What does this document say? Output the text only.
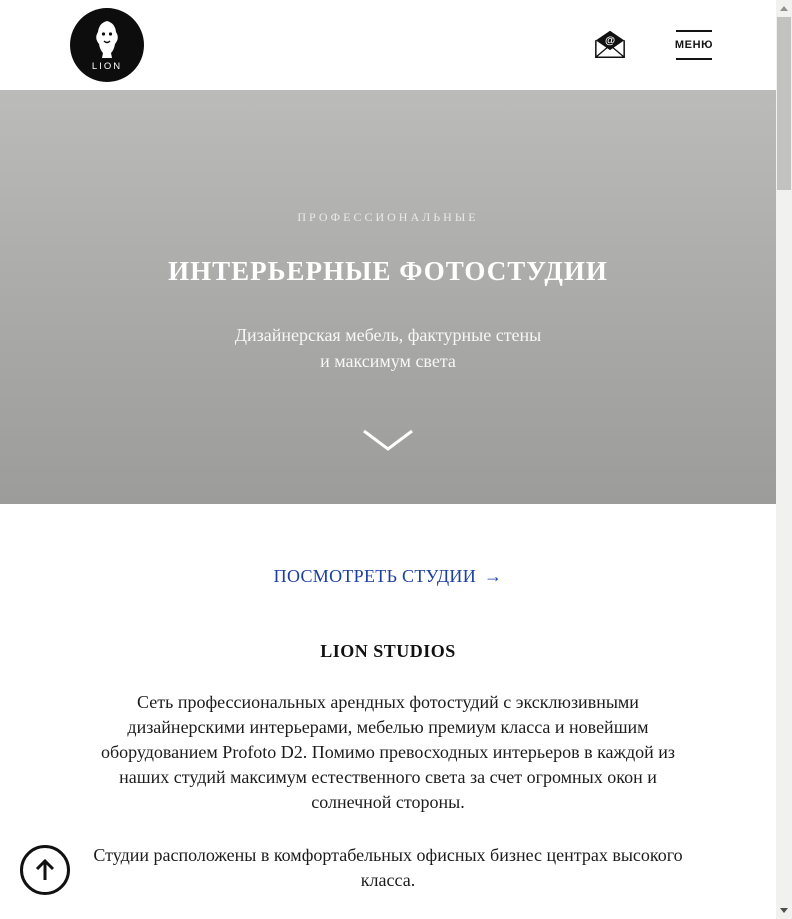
LION
@	МЕНЮ
ПРОФЕССИОНАЛЬНЫЕ
ИНТЕРЬЕРНЫЕ ФОТОСТУДИИ

Дизайнерская мебель, фактурные стены
и максимум света

ПОСМОТРЕТЬ СТУДИИ →
LION STUDIOS

Сеть профессиональных арендных фотостудий с эксклюзивными дизайнерскими интерьерами, мебелью премиум класса и новейшим оборудованием Profoto D2. Помимо превосходных интерьеров в каждой из наших студий максимум естественного света за счет огромных окон и солнечной стороны.

Студии расположены в комфортабельных офисных бизнес центрах высокого класса.
